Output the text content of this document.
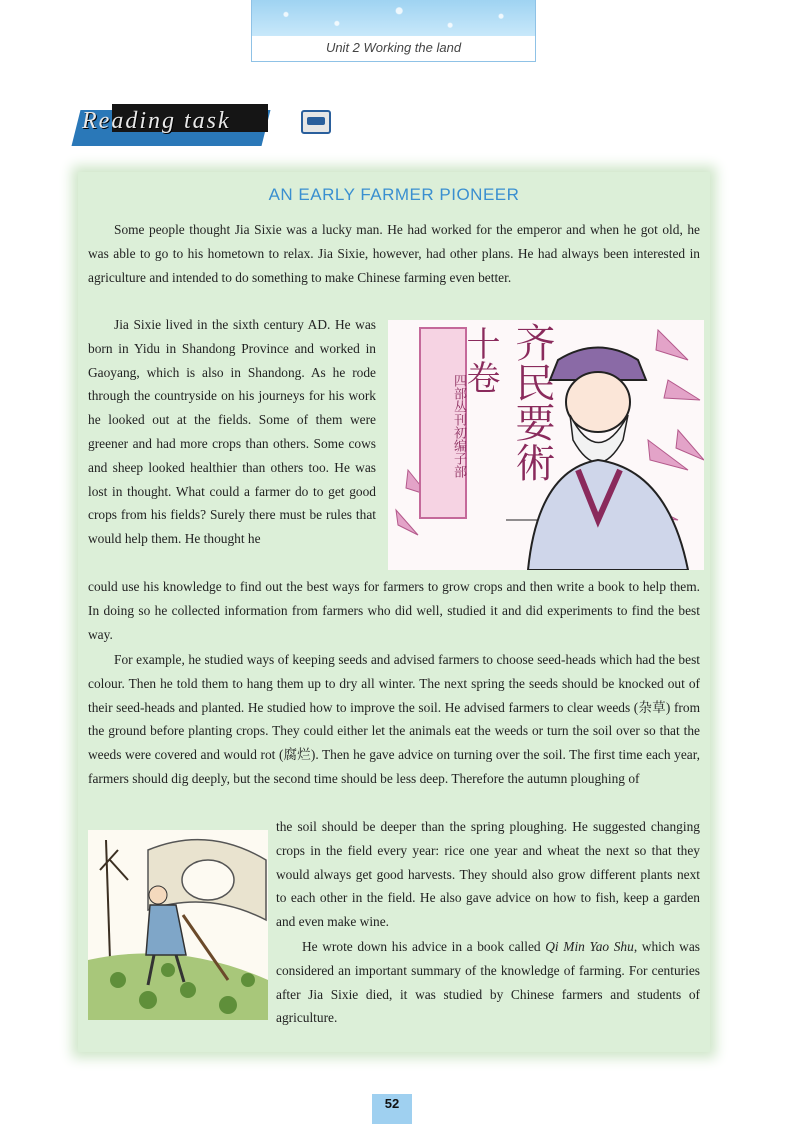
Unit 2 Working the land
Reading task
AN EARLY FARMER PIONEER

Some people thought Jia Sixie was a lucky man. He had worked for the emperor and when he got old, he was able to go to his hometown to relax. Jia Sixie, however, had other plans. He had always been interested in agriculture and intended to do something to make Chinese farming even better.

Jia Sixie lived in the sixth century AD. He was born in Yidu in Shandong Province and worked in Gaoyang, which is also in Shandong. As he rode through the countryside on his journeys for his work he looked out at the fields. Some of them were greener and had more crops than others. Some cows and sheep looked healthier than others too. He was lost in thought. What could a farmer do to get good crops from his fields? Surely there must be rules that would help them. He thought he

could use his knowledge to find out the best ways for farmers to grow crops and then write a book to help them. In doing so he collected information from farmers who did well, studied it and did experiments to find the best way.

For example, he studied ways of keeping seeds and advised farmers to choose seed-heads which had the best colour. Then he told them to hang them up to dry all winter. The next spring the seeds should be knocked out of their seed-heads and planted. He studied how to improve the soil. He advised farmers to clear weeds (杂草) from the ground before planting crops. They could either let the animals eat the weeds or turn the soil over so that the weeds were covered and would rot (腐烂). Then he gave advice on turning over the soil. The first time each year, farmers should dig deeply, but the second time should be less deep. Therefore the autumn ploughing of

the soil should be deeper than the spring ploughing. He suggested changing crops in the field every year: rice one year and wheat the next so that they would always get good harvests. They should also grow different plants next to each other in the field. He also gave advice on how to fish, keep a garden and even make wine.

He wrote down his advice in a book called Qi Min Yao Shu, which was considered an important summary of the knowledge of farming. For centuries after Jia Sixie died, it was studied by Chinese farmers and students of agriculture.

四部丛刊初编子部
十卷 齐民要術
52
